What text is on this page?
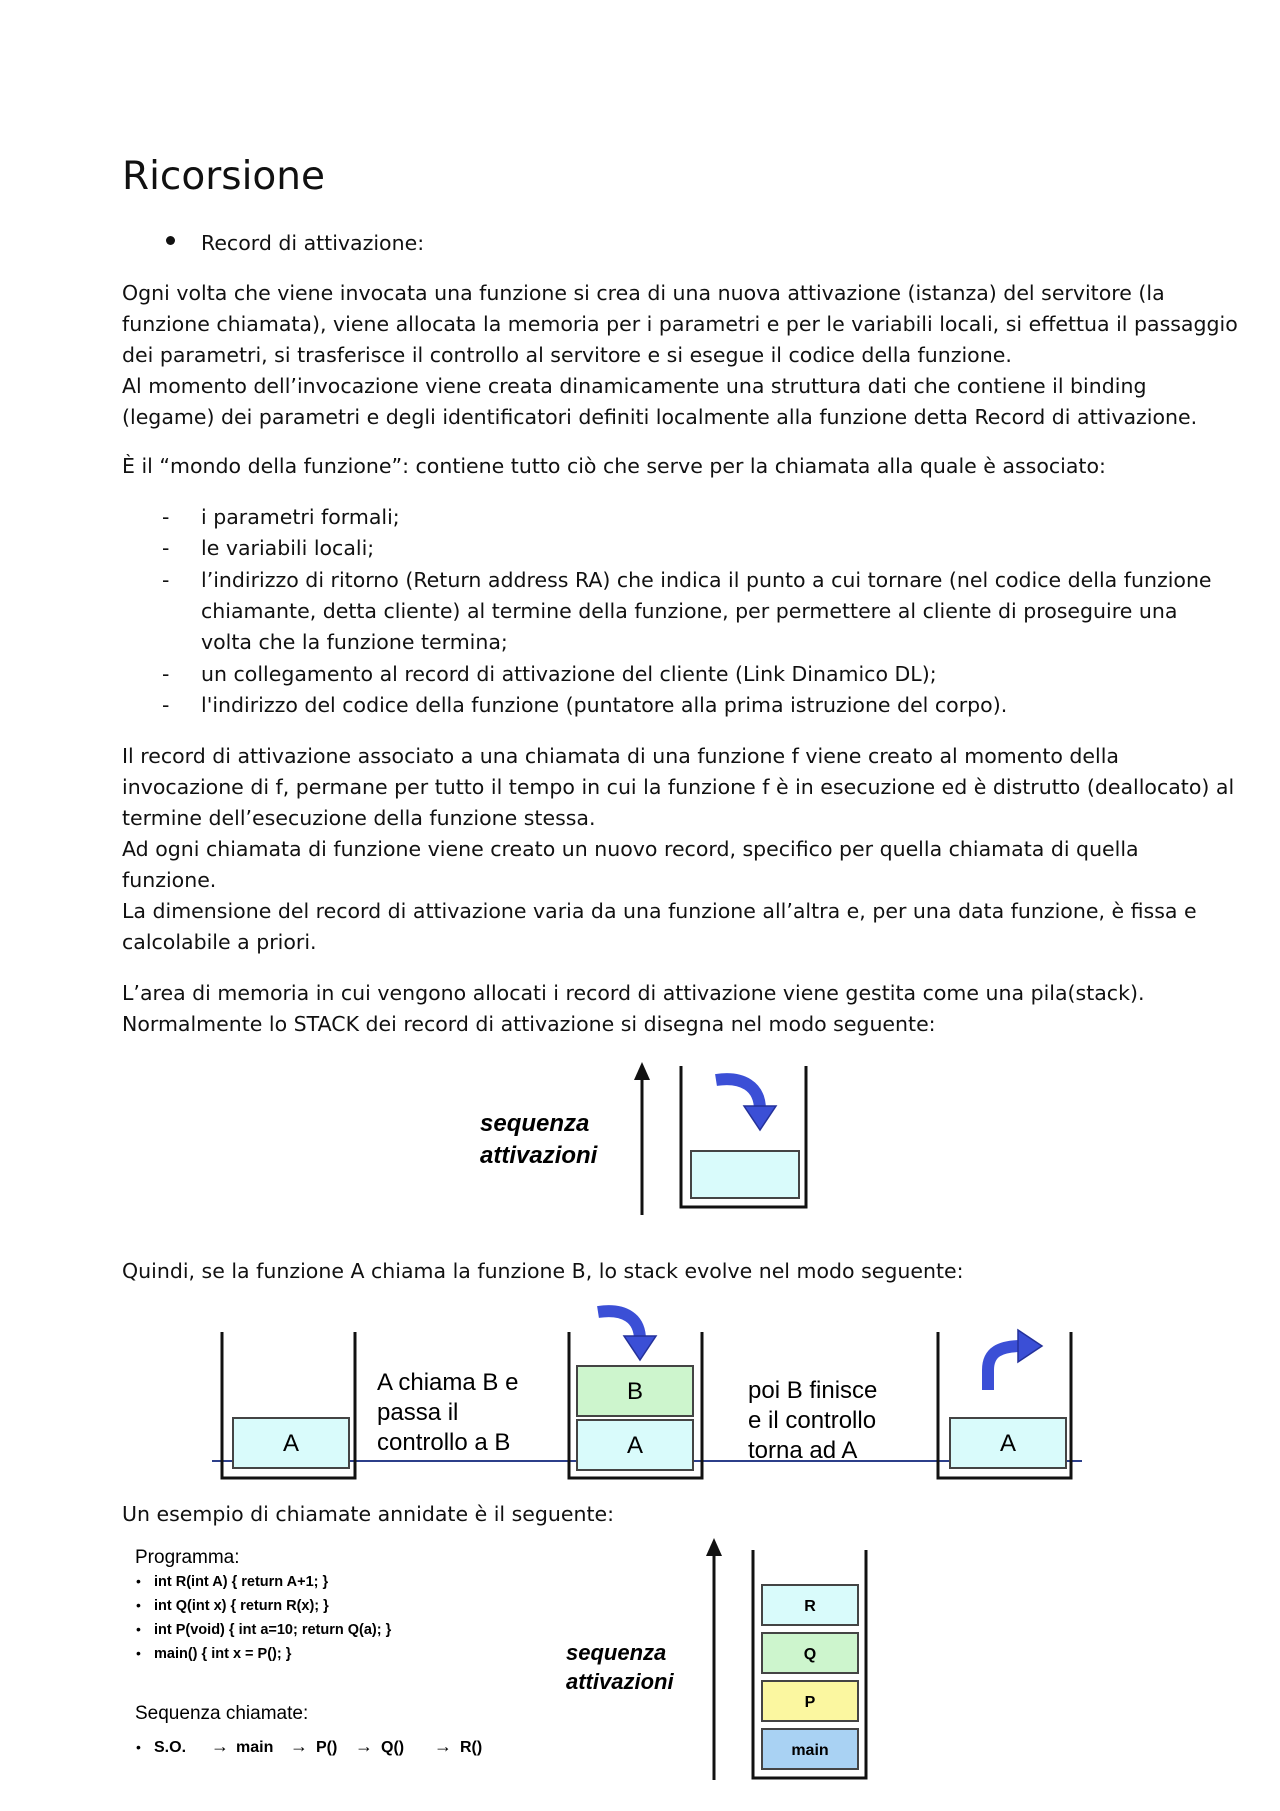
Ricorsione
Record di attivazione:
Ogni volta che viene invocata una funzione si crea di una nuova attivazione (istanza) del servitore (la
funzione chiamata), viene allocata la memoria per i parametri e per le variabili locali, si effettua il passaggio
dei parametri, si trasferisce il controllo al servitore e si esegue il codice della funzione.
Al momento dell’invocazione viene creata dinamicamente una struttura dati che contiene il binding
(legame) dei parametri e degli identificatori definiti localmente alla funzione detta Record di attivazione.
È il “mondo della funzione”: contiene tutto ciò che serve per la chiamata alla quale è associato:
- i parametri formali;
- le variabili locali;
- l’indirizzo di ritorno (Return address RA) che indica il punto a cui tornare (nel codice della funzione
chiamante, detta cliente) al termine della funzione, per permettere al cliente di proseguire una
volta che la funzione termina;
- un collegamento al record di attivazione del cliente (Link Dinamico DL);
- l'indirizzo del codice della funzione (puntatore alla prima istruzione del corpo).
Il record di attivazione associato a una chiamata di una funzione f viene creato al momento della
invocazione di f, permane per tutto il tempo in cui la funzione f è in esecuzione ed è distrutto (deallocato) al
termine dell’esecuzione della funzione stessa.
Ad ogni chiamata di funzione viene creato un nuovo record, specifico per quella chiamata di quella
funzione.
La dimensione del record di attivazione varia da una funzione all’altra e, per una data funzione, è fissa e
calcolabile a priori.
L’area di memoria in cui vengono allocati i record di attivazione viene gestita come una pila(stack).
Normalmente lo STACK dei record di attivazione si disegna nel modo seguente:
sequenza
attivazioni
A
A chiama B e
passa il
controllo a B
B
A
poi B finisce
e il controllo
torna ad A	A
Programma:
• int R(int A) { return A+1; }
• int Q(int x) { return R(x); }
• int P(void) { int a=10; return Q(a); }
• main() { int x = P(); }
Sequenza chiamate:
• S.O. → main → P() → Q() → R()
sequenza
attivazioni
R
Q
P
main
Quindi, se la funzione A chiama la funzione B, lo stack evolve nel modo seguente:
Un esempio di chiamate annidate è il seguente:
